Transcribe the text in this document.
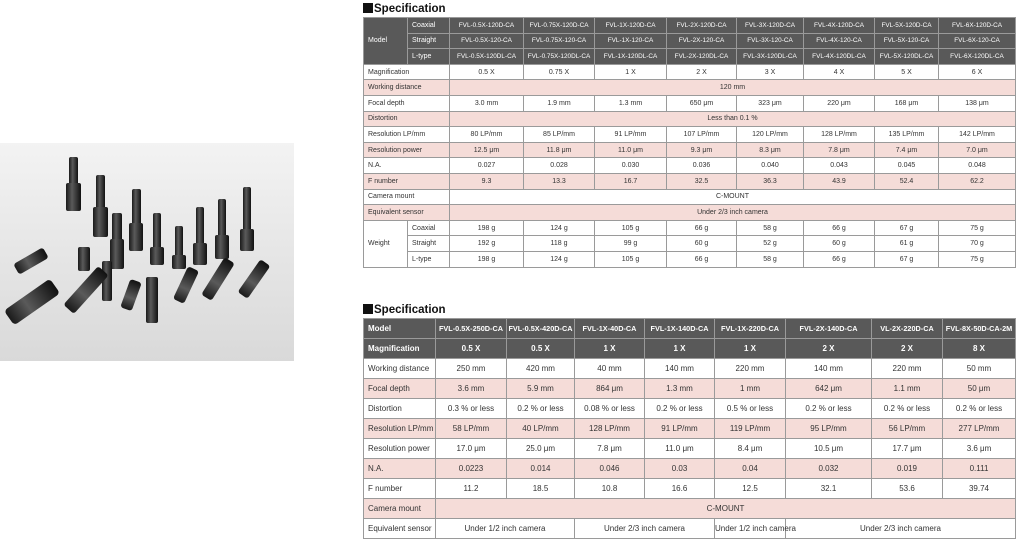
Specification
Model	Coaxial	FVL-0.5X-120D-CA	FVL-0.75X-120D-CA	FVL-1X-120D-CA	FVL-2X-120D-CA	FVL-3X-120D-CA	FVL-4X-120D-CA	FVL-5X-120D-CA	FVL-6X-120D-CA
	Straight	FVL-0.5X-120-CA	FVL-0.75X-120-CA	FVL-1X-120-CA	FVL-2X-120-CA	FVL-3X-120-CA	FVL-4X-120-CA	FVL-5X-120-CA	FVL-6X-120-CA
	L-type	FVL-0.5X-120DL-CA	FVL-0.75X-120DL-CA	FVL-1X-120DL-CA	FVL-2X-120DL-CA	FVL-3X-120DL-CA	FVL-4X-120DL-CA	FVL-5X-120DL-CA	FVL-6X-120DL-CA
Magnification		0.5 X	0.75 X	1 X	2 X	3 X	4 X	5 X	6 X
Working distance		120 mm							
Focal depth		3.0 mm	1.9 mm	1.3 mm	650 μm	323 μm	220 μm	168 μm	138 μm
Distortion		Less than 0.1 %							
Resolution LP/mm		80 LP/mm	85 LP/mm	91 LP/mm	107 LP/mm	120 LP/mm	128 LP/mm	135 LP/mm	142 LP/mm
Resolution power		12.5 μm	11.8 μm	11.0 μm	9.3 μm	8.3 μm	7.8 μm	7.4 μm	7.0 μm
N.A.		0.027	0.028	0.030	0.036	0.040	0.043	0.045	0.048
F number		9.3	13.3	16.7	32.5	36.3	43.9	52.4	62.2
Camera mount		C-MOUNT							
Equivalent sensor		Under 2/3 inch camera							
Weight	Coaxial	198 g	124 g	105 g	66 g	58 g	66 g	67 g	75 g
	Straight	192 g	118 g	99 g	60 g	52 g	60 g	61 g	70 g
	L-type	198 g	124 g	105 g	66 g	58 g	66 g	67 g	75 g
Specification
Model	FVL-0.5X-250D-CA	FVL-0.5X-420D-CA	FVL-1X-40D-CA	FVL-1X-140D-CA	FVL-1X-220D-CA	FVL-2X-140D-CA	VL-2X-220D-CA	FVL-8X-50D-CA-2M
Magnification	0.5 X	0.5 X	1 X	1 X	1 X	2 X	2 X	8 X
Working distance	250 mm	420 mm	40 mm	140 mm	220 mm	140 mm	220 mm	50 mm
Focal depth	3.6 mm	5.9 mm	864 μm	1.3 mm	1 mm	642 μm	1.1 mm	50 μm
Distortion	0.3 % or less	0.2 % or less	0.08 % or less	0.2 % or less	0.5 % or less	0.2 % or less	0.2 % or less	0.2 % or less
Resolution LP/mm	58 LP/mm	40 LP/mm	128 LP/mm	91 LP/mm	119 LP/mm	95 LP/mm	56 LP/mm	277 LP/mm
Resolution power	17.0 μm	25.0 μm	7.8 μm	11.0 μm	8.4 μm	10.5 μm	17.7 μm	3.6 μm
N.A.	0.0223	0.014	0.046	0.03	0.04	0.032	0.019	0.111
F number	11.2	18.5	10.8	16.6	12.5	32.1	53.6	39.74
Camera mount	C-MOUNT							
Equivalent sensor	Under 1/2 inch camera		Under 2/3 inch camera		Under 1/2 inch camera	Under 2/3 inch camera		
